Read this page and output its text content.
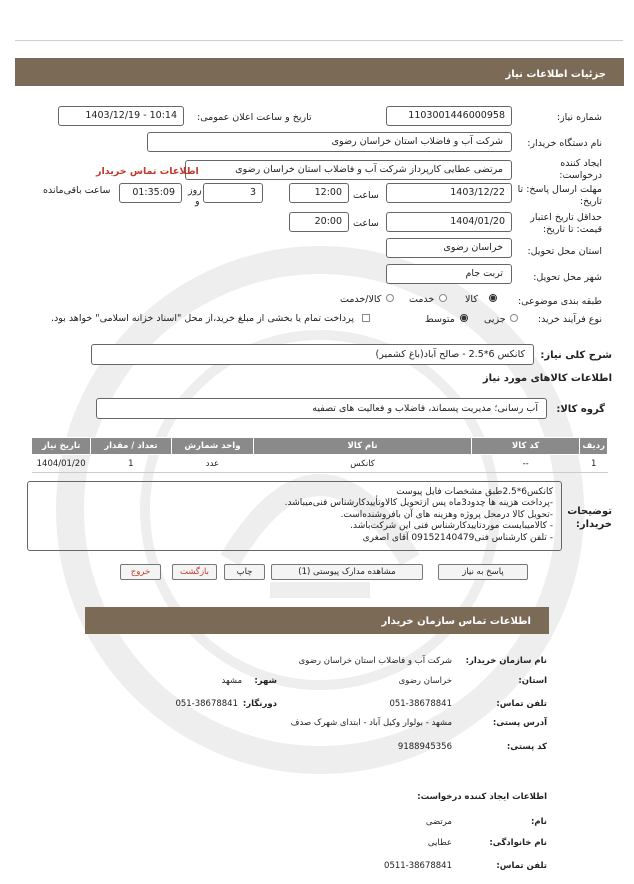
جزئیات اطلاعات نیاز
شماره نیاز:
1103001446000958
تاریخ و ساعت اعلان عمومی:
1403/12/19 - 10:14
نام دستگاه خریدار:
شرکت آب و فاضلاب استان خراسان رضوی
ایجاد کننده
درخواست:
مرتضی عطایی کارپرداز شرکت آب و فاضلاب استان خراسان رضوی
اطلاعات تماس خریدار
مهلت ارسال پاسخ: تا
تاریخ:
1403/12/22
ساعت
12:00
3
روز
و
01:35:09
ساعت باقی‌مانده
حداقل تاریخ اعتبار
قیمت: تا تاریخ:
1404/01/20
ساعت
20:00
استان محل تحویل:
خراسان رضوی
شهر محل تحویل:
تربت جام
طبقه بندی موضوعی:
کالا
خدمت
کالا/خدمت
نوع فرآیند خرید:
جزیی
متوسط
پرداخت تمام یا بخشی از مبلغ خرید،از محل "اسناد خزانه اسلامی" خواهد بود.
شرح کلی نیاز:
کانکس 6*2.5 - صالح آباد(باغ کشمیر)
اطلاعات کالاهای مورد نیاز
گروه کالا:
آب رسانی؛ مدیریت پسماند، فاضلاب و فعالیت های تصفیه
ردیف	کد کالا	نام کالا	واحد شمارش	تعداد / مقدار	تاریخ نیاز
1	--	کانکس	عدد	1	1404/01/20
توضیحات
خریدار:
کانکس6*2.5طبق مشخصات فایل پیوست
-پرداخت هزینه ها چدود3ماه پس ازتحویل کالاوتأییدکارشناس فنی‌میباشد.
-تحویل کالا درمحل پروژه وهزینه های آن بافروشنده‌است.
- کالامیبایست موردتاییدکارشناس فنی این شرکت‌باشد.
- تلفن کارشناس فنی09152140479 آقای اصغری
پاسخ به نیاز
مشاهده مدارک پیوستی (1)
چاپ
بازگشت
خروج
اطلاعات تماس سازمان خریدار
نام سازمان خریدار:
شرکت آب و فاضلاب استان خراسان رضوی
استان:
خراسان رضوی
شهر:
مشهد
تلفن تماس:
051-38678841
دورنگار:
051-38678841
آدرس پستی:
مشهد - بولوار وکیل آباد - ابتدای شهرک صدف
کد پستی:
9188945356
اطلاعات ایجاد کننده درخواست:
نام:
مرتضی
نام خانوادگی:
عطایی
تلفن تماس:
0511-38678841
